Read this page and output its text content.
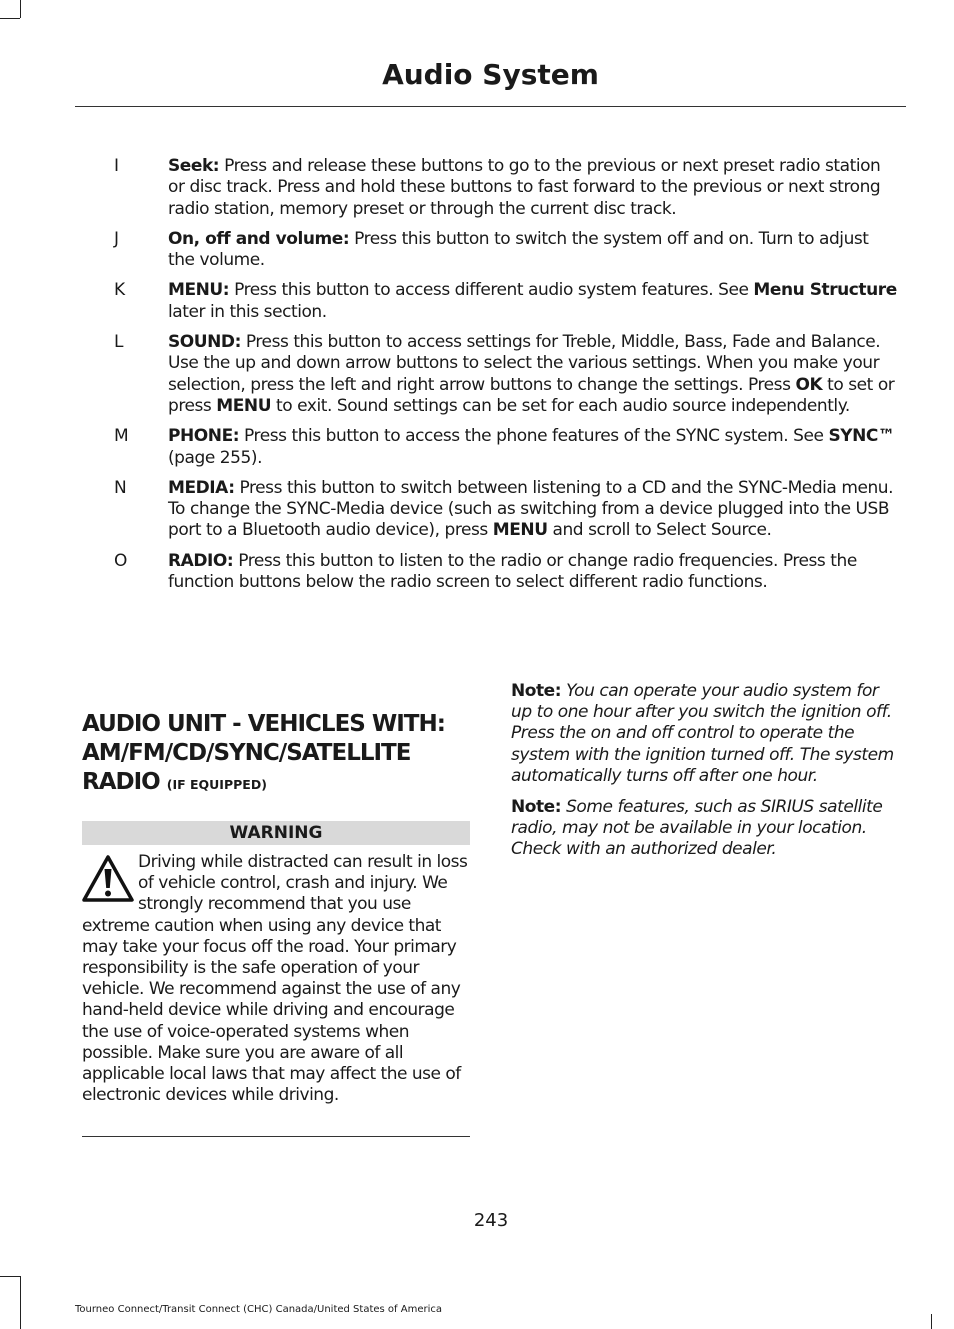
Audio System
I	Seek: Press and release these buttons to go to the previous or next preset radio station or disc track. Press and hold these buttons to fast forward to the previous or next strong radio station, memory preset or through the current disc track.
J	On, off and volume: Press this button to switch the system off and on. Turn to adjust the volume.
K	MENU: Press this button to access different audio system features. See Menu Structure later in this section.
L	SOUND: Press this button to access settings for Treble, Middle, Bass, Fade and Balance. Use the up and down arrow buttons to select the various settings. When you make your selection, press the left and right arrow buttons to change the settings. Press OK to set or press MENU to exit. Sound settings can be set for each audio source independently.
M	PHONE: Press this button to access the phone features of the SYNC system. See SYNC™ (page 255).
N	MEDIA: Press this button to switch between listening to a CD and the SYNC-Media menu. To change the SYNC-Media device (such as switching from a device plugged into the USB port to a Bluetooth audio device), press MENU and scroll to Select Source.
O	RADIO: Press this button to listen to the radio or change radio frequencies. Press the function buttons below the radio screen to select different radio functions.
AUDIO UNIT - VEHICLES WITH: AM/FM/CD/SYNC/SATELLITE RADIO (IF EQUIPPED)
WARNING
Driving while distracted can result in loss of vehicle control, crash and injury. We strongly recommend that you use extreme caution when using any device that may take your focus off the road. Your primary responsibility is the safe operation of your vehicle. We recommend against the use of any hand-held device while driving and encourage the use of voice-operated systems when possible. Make sure you are aware of all applicable local laws that may affect the use of electronic devices while driving.
Note: You can operate your audio system for up to one hour after you switch the ignition off. Press the on and off control to operate the system with the ignition turned off. The system automatically turns off after one hour.
Note: Some features, such as SIRIUS satellite radio, may not be available in your location. Check with an authorized dealer.
243
Tourneo Connect/Transit Connect (CHC) Canada/United States of America
